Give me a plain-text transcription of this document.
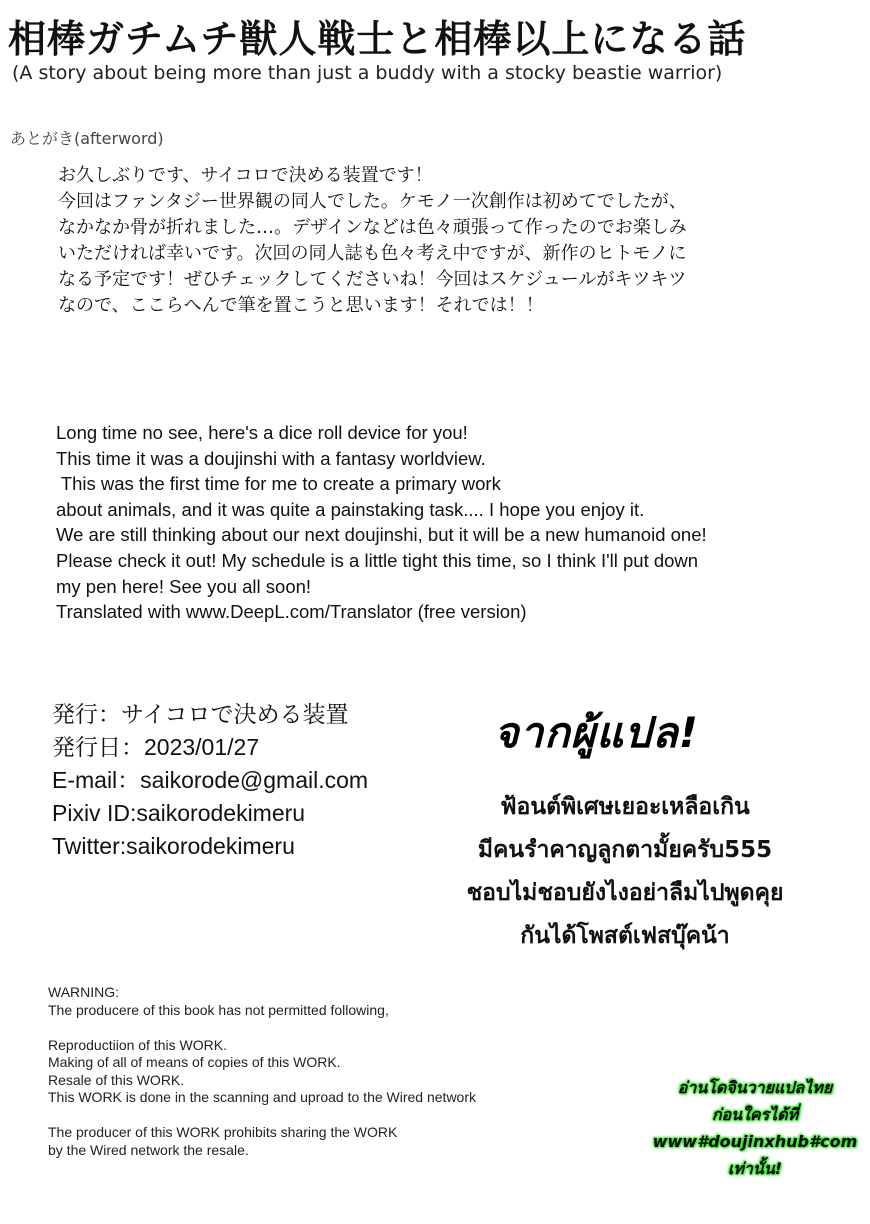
相棒ガチムチ獣人戦士と相棒以上になる話
(A story about being more than just a buddy with a stocky beastie warrior)
あとがき(afterword)
お久しぶりです、サイコロで決める装置です！
今回はファンタジー世界観の同人でした。ケモノ一次創作は初めてでしたが、
なかなか骨が折れました…。デザインなどは色々頑張って作ったのでお楽しみ
いただければ幸いです。次回の同人誌も色々考え中ですが、新作のヒトモノに
なる予定です！ぜひチェックしてくださいね！今回はスケジュールがキツキツ
なので、ここらへんで筆を置こうと思います！それでは！！
Long time no see, here's a dice roll device for you!
This time it was a doujinshi with a fantasy worldview.
This was the first time for me to create a primary work
about animals, and it was quite a painstaking task.... I hope you enjoy it.
We are still thinking about our next doujinshi, but it will be a new humanoid one!
Please check it out! My schedule is a little tight this time, so I think I'll put down
my pen here! See you all soon!
Translated with www.DeepL.com/Translator (free version)
発行：サイコロで決める装置
発行日：2023/01/27
E-mail：saikorode@gmail.com
Pixiv ID:saikorodekimeru
Twitter:saikorodekimeru
จากผู้แปล!
ฟ้อนต์พิเศษเยอะเหลือเกิน
มีคนรำคาญลูกตามั้ยครับ555
ชอบไม่ชอบยังไงอย่าลืมไปพูดคุย
กันได้โพสต์เฟสบุ๊คน้า
WARNING:
The producere of this book has not permitted following,
Reproductiion of this WORK.
Making of all of means of copies of this WORK.
Resale of this WORK.
This WORK is done in the scanning and uproad to the Wired network
The producer of this WORK prohibits sharing the WORK
by the Wired network the resale.
อ่านโดจินวายแปลไทย
ก่อนใครได้ที่
www#doujinxhub#com
เท่านั้น!
